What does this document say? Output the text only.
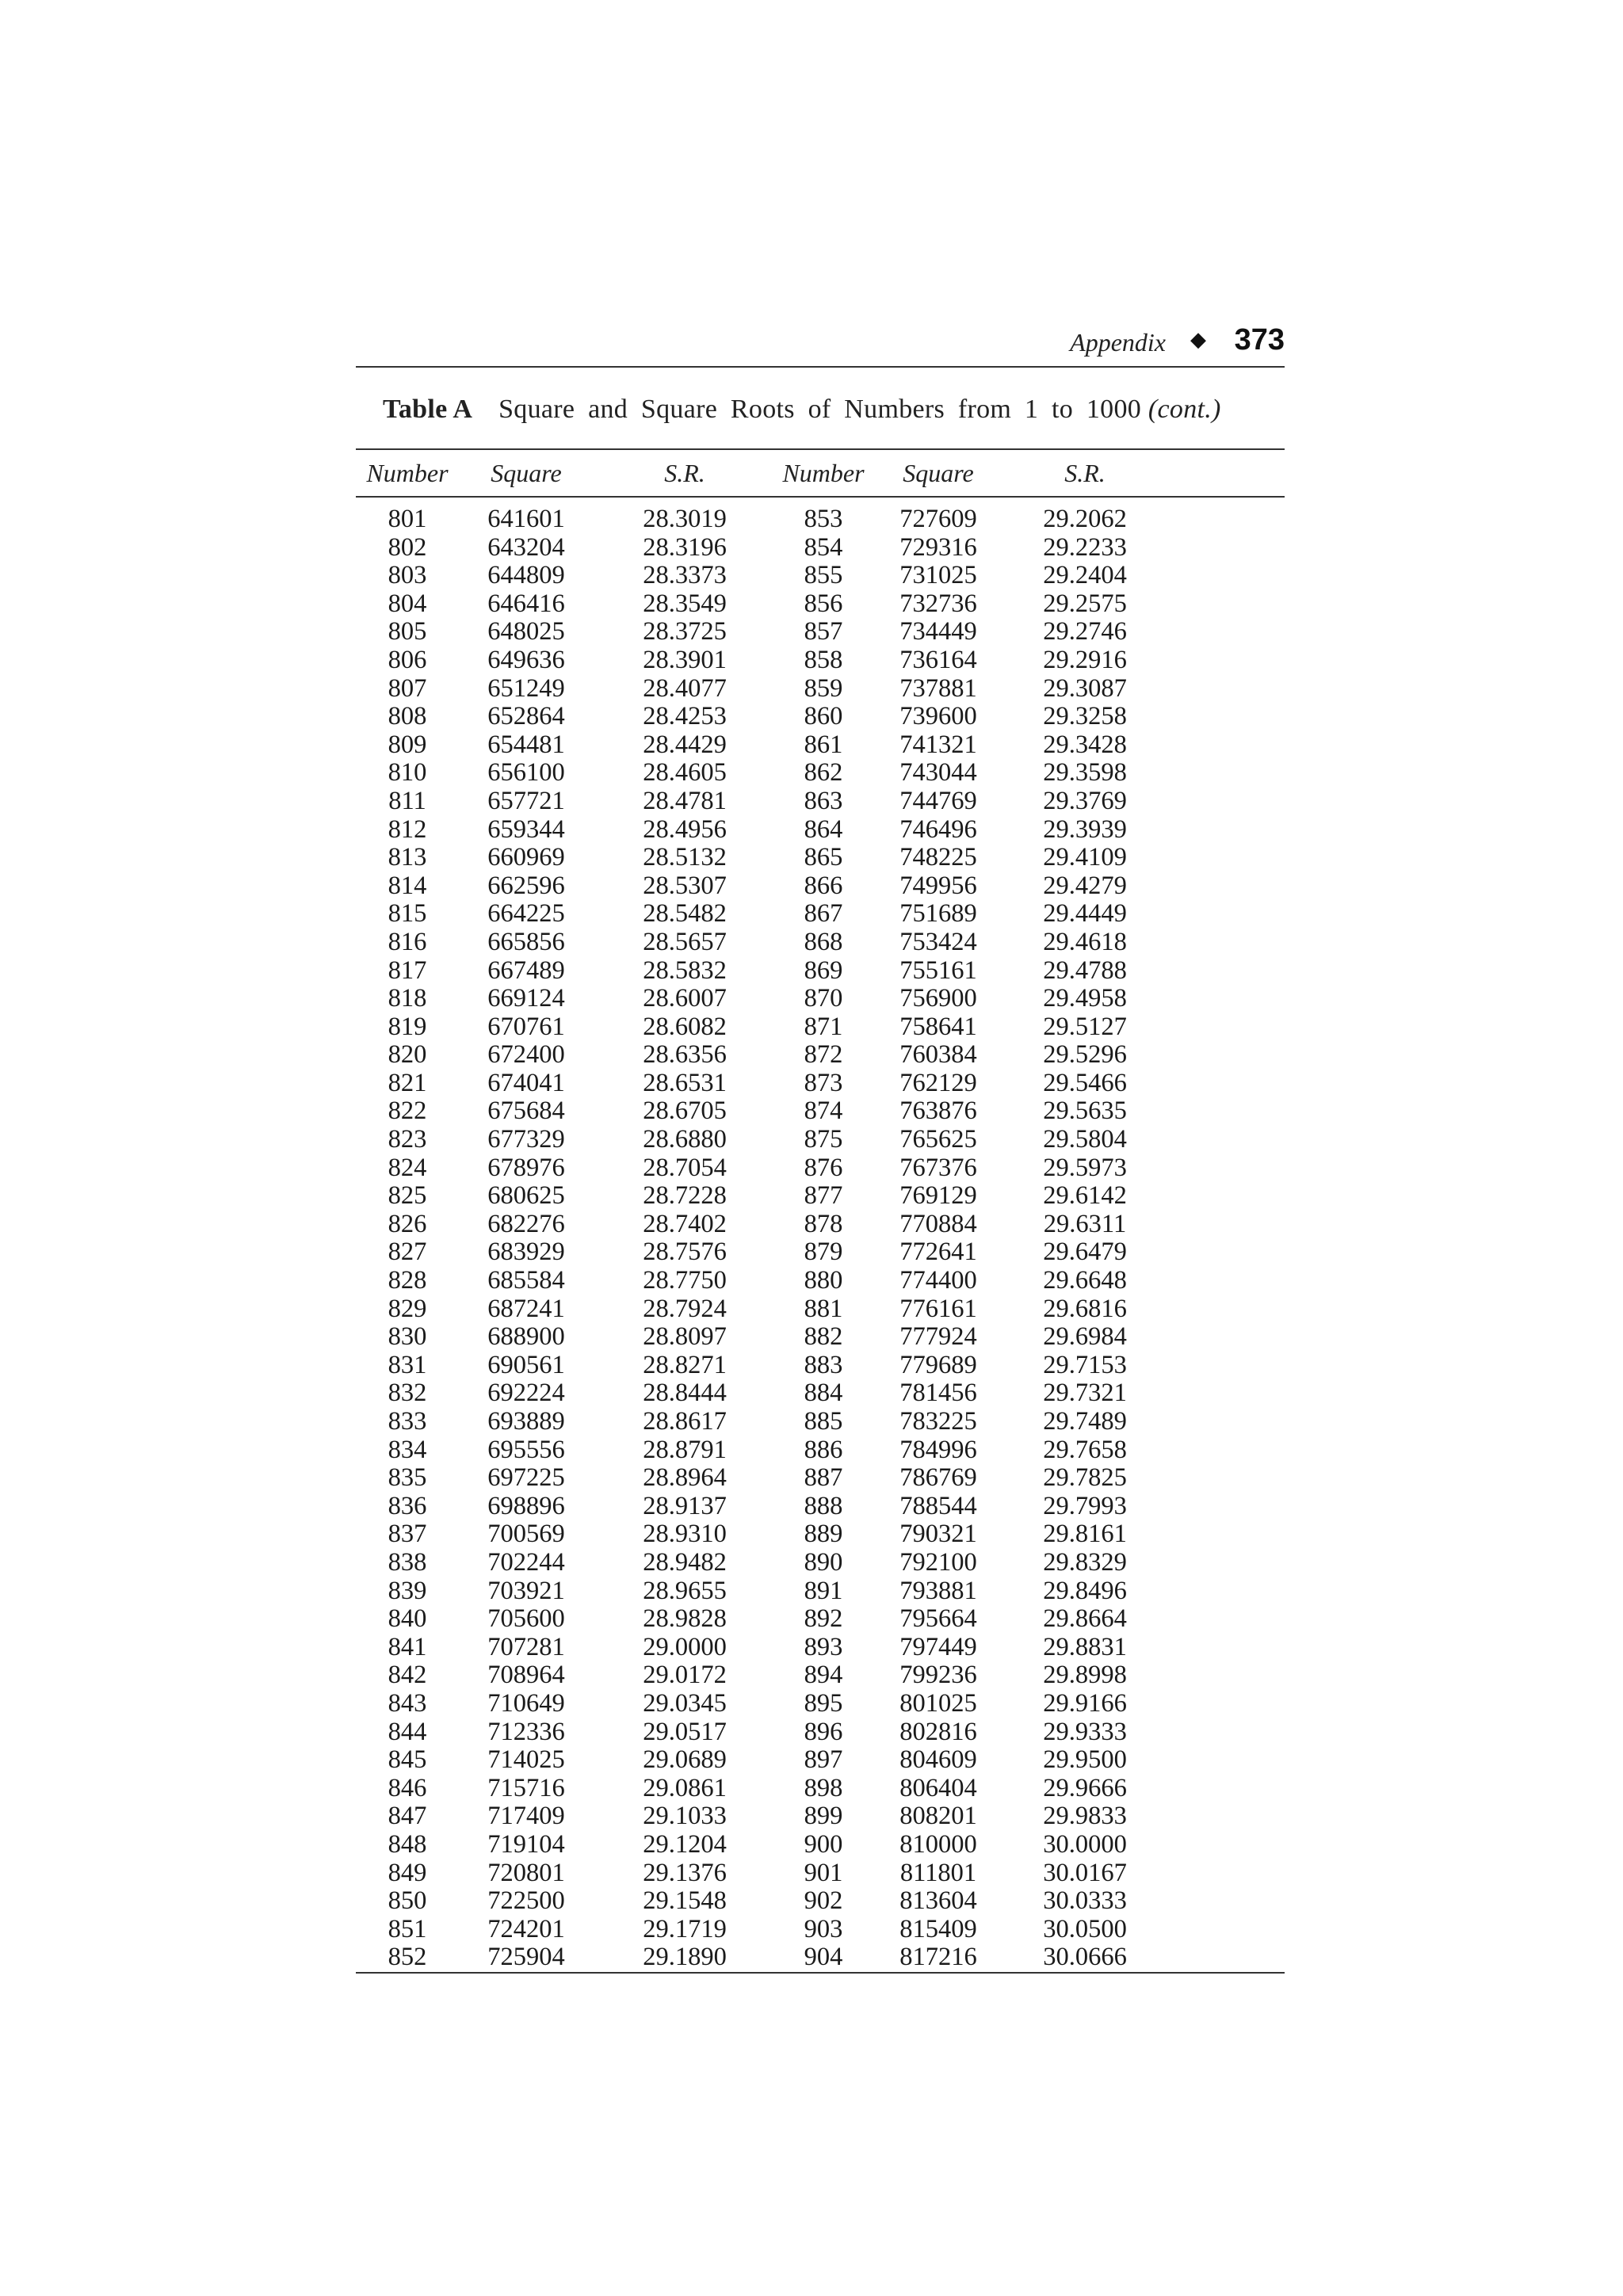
Appendix ◆ 373
Table A Square and Square Roots of Numbers from 1 to 1000 (cont.)
Number	Square	S.R.	Number	Square	S.R.	
801	641601	28.3019	853	727609	29.2062	
802	643204	28.3196	854	729316	29.2233	
803	644809	28.3373	855	731025	29.2404	
804	646416	28.3549	856	732736	29.2575	
805	648025	28.3725	857	734449	29.2746	
806	649636	28.3901	858	736164	29.2916	
807	651249	28.4077	859	737881	29.3087	
808	652864	28.4253	860	739600	29.3258	
809	654481	28.4429	861	741321	29.3428	
810	656100	28.4605	862	743044	29.3598	
811	657721	28.4781	863	744769	29.3769	
812	659344	28.4956	864	746496	29.3939	
813	660969	28.5132	865	748225	29.4109	
814	662596	28.5307	866	749956	29.4279	
815	664225	28.5482	867	751689	29.4449	
816	665856	28.5657	868	753424	29.4618	
817	667489	28.5832	869	755161	29.4788	
818	669124	28.6007	870	756900	29.4958	
819	670761	28.6082	871	758641	29.5127	
820	672400	28.6356	872	760384	29.5296	
821	674041	28.6531	873	762129	29.5466	
822	675684	28.6705	874	763876	29.5635	
823	677329	28.6880	875	765625	29.5804	
824	678976	28.7054	876	767376	29.5973	
825	680625	28.7228	877	769129	29.6142	
826	682276	28.7402	878	770884	29.6311	
827	683929	28.7576	879	772641	29.6479	
828	685584	28.7750	880	774400	29.6648	
829	687241	28.7924	881	776161	29.6816	
830	688900	28.8097	882	777924	29.6984	
831	690561	28.8271	883	779689	29.7153	
832	692224	28.8444	884	781456	29.7321	
833	693889	28.8617	885	783225	29.7489	
834	695556	28.8791	886	784996	29.7658	
835	697225	28.8964	887	786769	29.7825	
836	698896	28.9137	888	788544	29.7993	
837	700569	28.9310	889	790321	29.8161	
838	702244	28.9482	890	792100	29.8329	
839	703921	28.9655	891	793881	29.8496	
840	705600	28.9828	892	795664	29.8664	
841	707281	29.0000	893	797449	29.8831	
842	708964	29.0172	894	799236	29.8998	
843	710649	29.0345	895	801025	29.9166	
844	712336	29.0517	896	802816	29.9333	
845	714025	29.0689	897	804609	29.9500	
846	715716	29.0861	898	806404	29.9666	
847	717409	29.1033	899	808201	29.9833	
848	719104	29.1204	900	810000	30.0000	
849	720801	29.1376	901	811801	30.0167	
850	722500	29.1548	902	813604	30.0333	
851	724201	29.1719	903	815409	30.0500	
852	725904	29.1890	904	817216	30.0666	
